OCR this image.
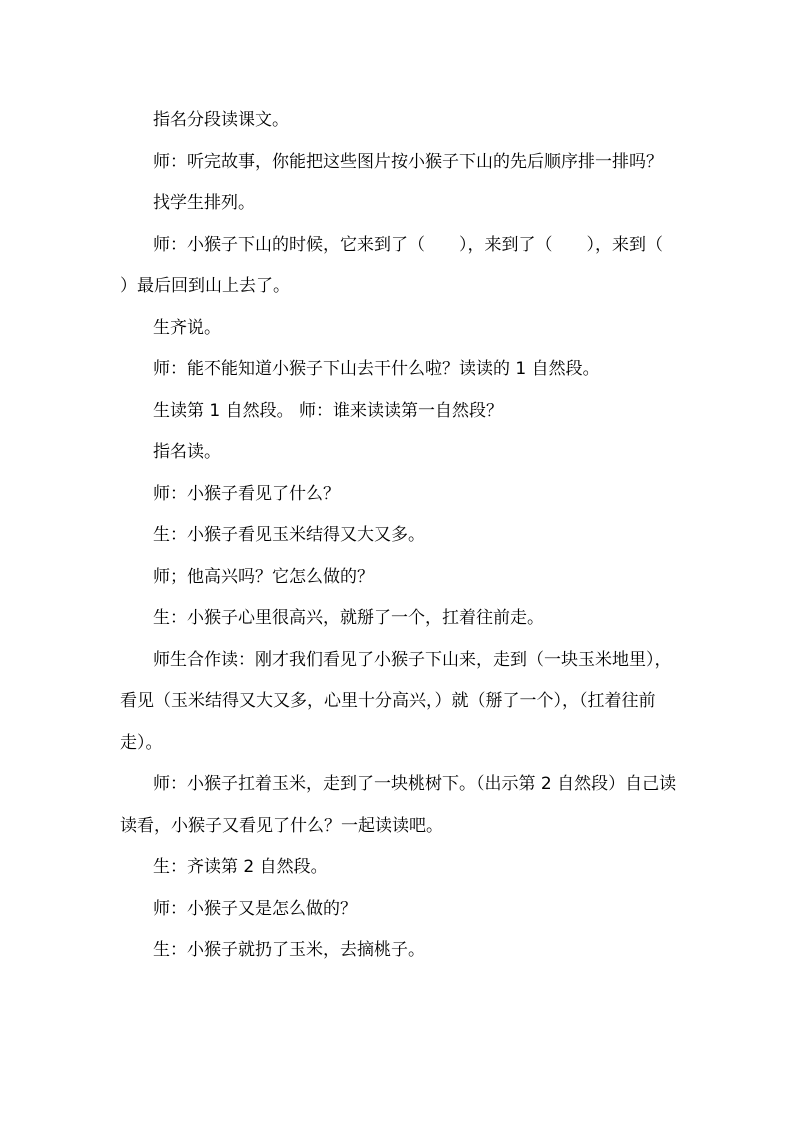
指名分段读课文。

师：听完故事，你能把这些图片按小猴子下山的先后顺序排一排吗？

找学生排列。

师：小猴子下山的时候，它来到了（　　），来到了（　　），来到（　　）最后回到山上去了。

生齐说。

师：能不能知道小猴子下山去干什么啦？读读的 1 自然段。

生读第 1 自然段。 师：谁来读读第一自然段？

指名读。

师：小猴子看见了什么？

生：小猴子看见玉米结得又大又多。

师；他高兴吗？它怎么做的？

生：小猴子心里很高兴，就掰了一个，扛着往前走。

师生合作读：刚才我们看见了小猴子下山来，走到（一块玉米地里），看见（玉米结得又大又多，心里十分高兴，）就（掰了一个），（扛着往前走）。

师：小猴子扛着玉米，走到了一块桃树下。（出示第 2 自然段）自己读读看，小猴子又看见了什么？一起读读吧。

生：齐读第 2 自然段。

师：小猴子又是怎么做的？

生：小猴子就扔了玉米，去摘桃子。
